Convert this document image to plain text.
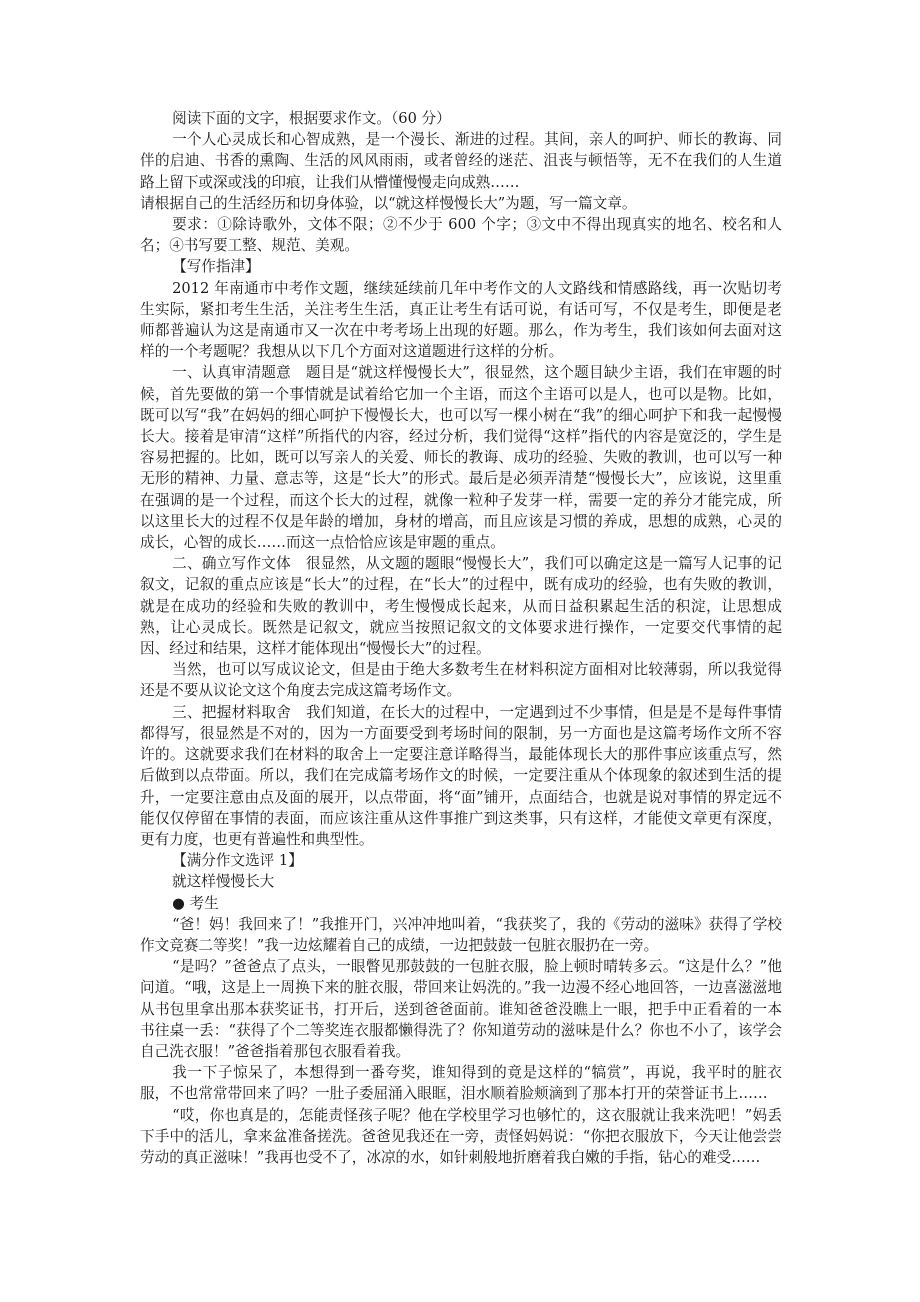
阅读下面的文字，根据要求作文。（60 分）

一个人心灵成长和心智成熟，是一个漫长、渐进的过程。其间，亲人的呵护、师长的教诲、同伴的启迪、书香的熏陶、生活的风风雨雨，或者曾经的迷茫、沮丧与顿悟等，无不在我们的人生道路上留下或深或浅的印痕，让我们从懵懂慢慢走向成熟……

请根据自己的生活经历和切身体验，以“就这样慢慢长大”为题，写一篇文章。

要求：①除诗歌外，文体不限；②不少于 600 个字；③文中不得出现真实的地名、校名和人名；④书写要工整、规范、美观。

【写作指津】

2012 年南通市中考作文题，继续延续前几年中考作文的人文路线和情感路线，再一次贴切考生实际，紧扣考生生活，关注考生生活，真正让考生有话可说，有话可写，不仅是考生，即便是老师都普遍认为这是南通市又一次在中考考场上出现的好题。那么，作为考生，我们该如何去面对这样的一个考题呢？我想从以下几个方面对这道题进行这样的分析。

一、认真审清题意　题目是“就这样慢慢长大”，很显然，这个题目缺少主语，我们在审题的时候，首先要做的第一个事情就是试着给它加一个主语，而这个主语可以是人，也可以是物。比如，既可以写“我”在妈妈的细心呵护下慢慢长大，也可以写一棵小树在“我”的细心呵护下和我一起慢慢长大。接着是审清“这样”所指代的内容，经过分析，我们觉得“这样”指代的内容是宽泛的，学生是容易把握的。比如，既可以写亲人的关爱、师长的教诲、成功的经验、失败的教训，也可以写一种无形的精神、力量、意志等，这是“长大”的形式。最后是必须弄清楚“慢慢长大”，应该说，这里重在强调的是一个过程，而这个长大的过程，就像一粒种子发芽一样，需要一定的养分才能完成，所以这里长大的过程不仅是年龄的增加，身材的增高，而且应该是习惯的养成，思想的成熟，心灵的成长，心智的成长……而这一点恰恰应该是审题的重点。

二、确立写作文体　很显然，从文题的题眼“慢慢长大”，我们可以确定这是一篇写人记事的记叙文，记叙的重点应该是“长大”的过程，在“长大”的过程中，既有成功的经验，也有失败的教训，就是在成功的经验和失败的教训中，考生慢慢成长起来，从而日益积累起生活的积淀，让思想成熟，让心灵成长。既然是记叙文，就应当按照记叙文的文体要求进行操作，一定要交代事情的起因、经过和结果，这样才能体现出“慢慢长大”的过程。

当然，也可以写成议论文，但是由于绝大多数考生在材料积淀方面相对比较薄弱，所以我觉得还是不要从议论文这个角度去完成这篇考场作文。

三、把握材料取舍　我们知道，在长大的过程中，一定遇到过不少事情，但是是不是每件事情都得写，很显然是不对的，因为一方面要受到考场时间的限制，另一方面也是这篇考场作文所不容许的。这就要求我们在材料的取舍上一定要注意详略得当，最能体现长大的那件事应该重点写，然后做到以点带面。所以，我们在完成篇考场作文的时候，一定要注重从个体现象的叙述到生活的提升，一定要注意由点及面的展开，以点带面，将“面”铺开，点面结合，也就是说对事情的界定远不能仅仅停留在事情的表面，而应该注重从这件事推广到这类事，只有这样，才能使文章更有深度，更有力度，也更有普遍性和典型性。

【满分作文选评 1】

就这样慢慢长大

● 考生

“爸！妈！我回来了！”我推开门，兴冲冲地叫着，“我获奖了，我的《劳动的滋味》获得了学校作文竞赛二等奖！”我一边炫耀着自己的成绩，一边把鼓鼓一包脏衣服扔在一旁。

“是吗？”爸爸点了点头，一眼瞥见那鼓鼓的一包脏衣服，脸上顿时晴转多云。“这是什么？”他问道。“哦，这是上一周换下来的脏衣服，带回来让妈洗的。”我一边漫不经心地回答，一边喜滋滋地从书包里拿出那本获奖证书，打开后，送到爸爸面前。谁知爸爸没瞧上一眼，把手中正看着的一本书往桌一丢：“获得了个二等奖连衣服都懒得洗了？你知道劳动的滋味是什么？你也不小了，该学会自己洗衣服！”爸爸指着那包衣服看着我。

我一下子惊呆了，本想得到一番夸奖，谁知得到的竟是这样的“犒赏”，再说，我平时的脏衣服，不也常常带回来了吗？一肚子委屈涌入眼眶，泪水顺着脸颊滴到了那本打开的荣誉证书上……

“哎，你也真是的，怎能责怪孩子呢？他在学校里学习也够忙的，这衣服就让我来洗吧！”妈丢下手中的活儿，拿来盆准备搓洗。爸爸见我还在一旁，责怪妈妈说：“你把衣服放下，今天让他尝尝劳动的真正滋味！”我再也受不了，冰凉的水，如针刺般地折磨着我白嫩的手指，钻心的难受……
